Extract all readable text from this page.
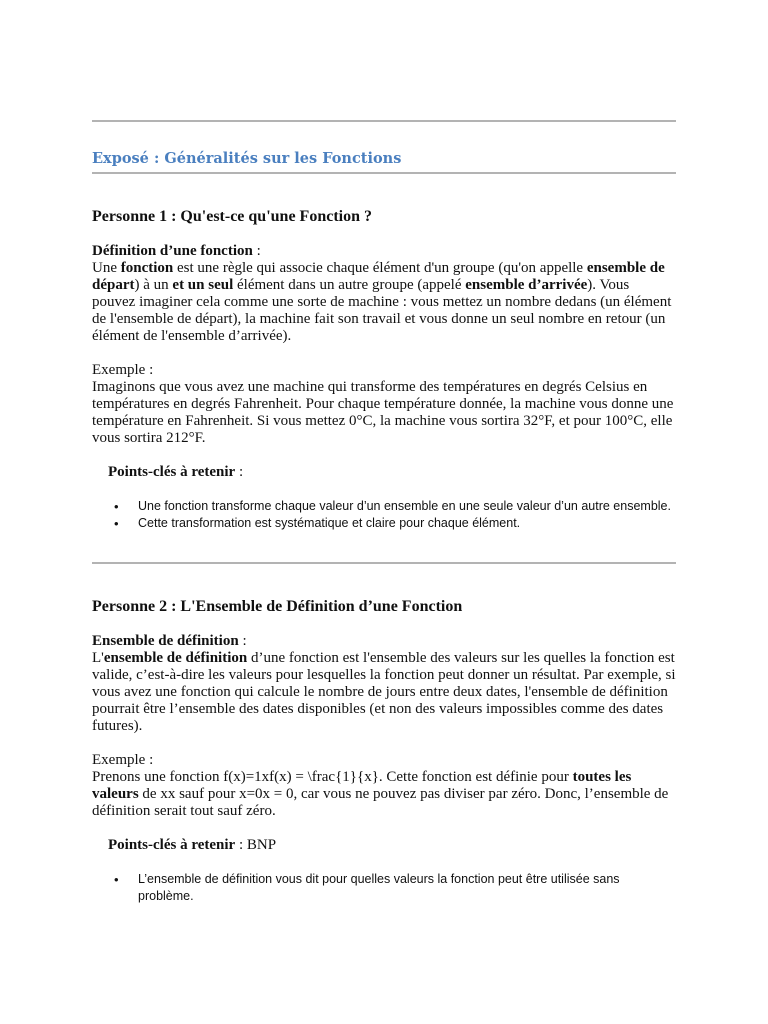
Exposé : Généralités sur les Fonctions

Personne 1 : Qu'est-ce qu'une Fonction ?

Définition d’une fonction :

Une fonction est une règle qui associe chaque élément d'un groupe (qu'on appelle ensemble de départ) à un et un seul élément dans un autre groupe (appelé ensemble d’arrivée). Vous pouvez imaginer cela comme une sorte de machine : vous mettez un nombre dedans (un élément de l'ensemble de départ), la machine fait son travail et vous donne un seul nombre en retour (un élément de l'ensemble d’arrivée).

Exemple :

Imaginons que vous avez une machine qui transforme des températures en degrés Celsius en températures en degrés Fahrenheit. Pour chaque température donnée, la machine vous donne une température en Fahrenheit. Si vous mettez 0°C, la machine vous sortira 32°F, et pour 100°C, elle vous sortira 212°F.

Points-clés à retenir :

• Une fonction transforme chaque valeur d’un ensemble en une seule valeur d’un autre ensemble.
• Cette transformation est systématique et claire pour chaque élément.

Personne 2 : L'Ensemble de Définition d’une Fonction

Ensemble de définition :

L'ensemble de définition d’une fonction est l'ensemble des valeurs sur les quelles la fonction est valide, c’est-à-dire les valeurs pour lesquelles la fonction peut donner un résultat. Par exemple, si vous avez une fonction qui calcule le nombre de jours entre deux dates, l'ensemble de définition pourrait être l’ensemble des dates disponibles (et non des valeurs impossibles comme des dates futures).

Exemple :

Prenons une fonction f(x)=1xf(x) = \frac{1}{x}. Cette fonction est définie pour toutes les valeurs de xx sauf pour x=0x = 0, car vous ne pouvez pas diviser par zéro. Donc, l’ensemble de définition serait tout sauf zéro.

Points-clés à retenir : BNP

• L’ensemble de définition vous dit pour quelles valeurs la fonction peut être utilisée sans problème.
